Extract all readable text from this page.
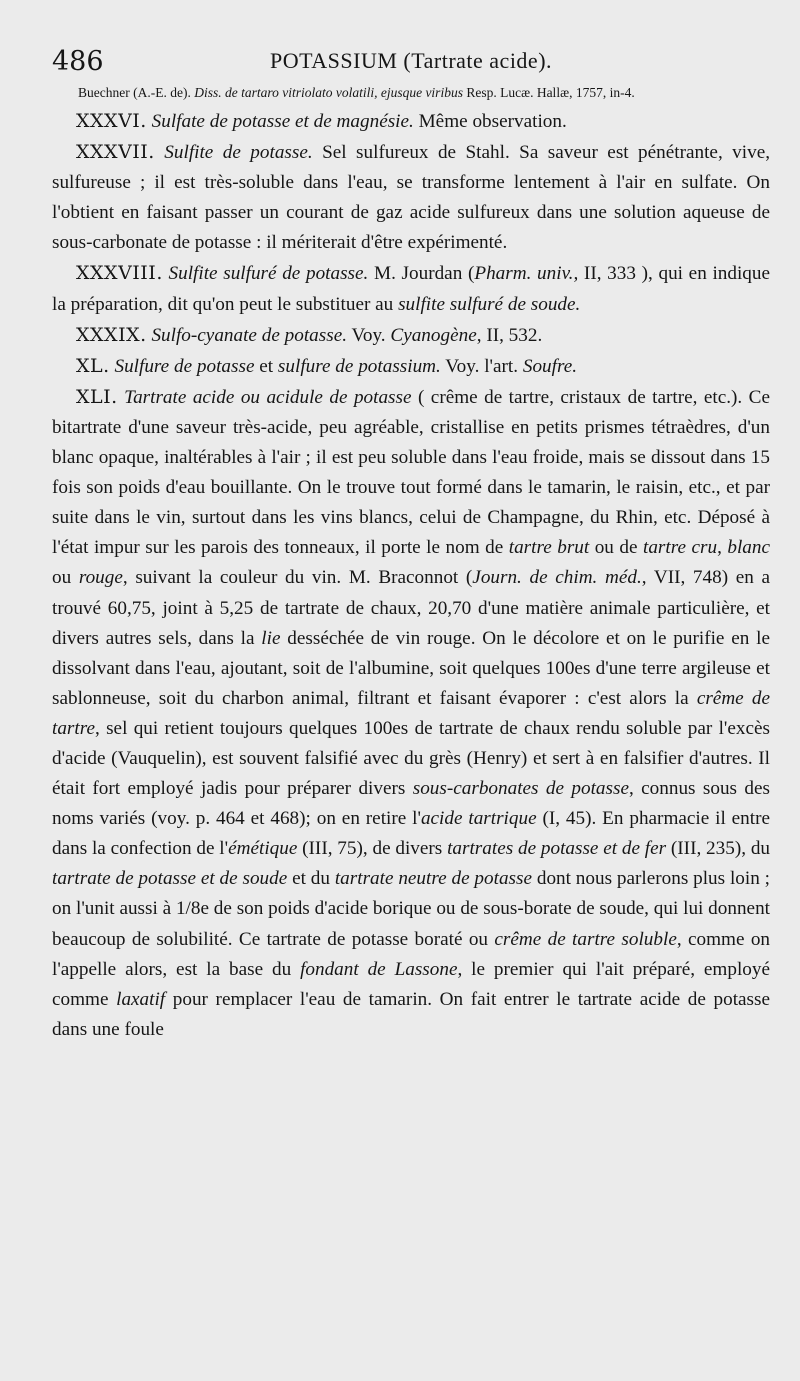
486	POTASSIUM (Tartrate acide).

Buechner (A.-E. de). Diss. de tartaro vitriolato volatili, ejusque viribus Resp. Lucæ. Hallæ, 1757, in-4.

XXXVI. Sulfate de potasse et de magnésie. Même observation.

XXXVII. Sulfite de potasse. Sel sulfureux de Stahl. Sa saveur est pénétrante, vive, sulfureuse ; il est très-soluble dans l'eau, se transforme lentement à l'air en sulfate. On l'obtient en faisant passer un courant de gaz acide sulfureux dans une solution aqueuse de sous-carbonate de potasse : il mériterait d'être expérimenté.

XXXVIII. Sulfite sulfuré de potasse. M. Jourdan (Pharm. univ., II, 333 ), qui en indique la préparation, dit qu'on peut le substituer au sulfite sulfuré de soude.

XXXIX. Sulfo-cyanate de potasse. Voy. Cyanogène, II, 532.

XL. Sulfure de potasse et sulfure de potassium. Voy. l'art. Soufre.

XLI. Tartrate acide ou acidule de potasse ( crême de tartre, cristaux de tartre, etc.). Ce bitartrate d'une saveur très-acide, peu agréable, cristallise en petits prismes tétraèdres, d'un blanc opaque, inaltérables à l'air ; il est peu soluble dans l'eau froide, mais se dissout dans 15 fois son poids d'eau bouillante. On le trouve tout formé dans le tamarin, le raisin, etc., et par suite dans le vin, surtout dans les vins blancs, celui de Champagne, du Rhin, etc. Déposé à l'état impur sur les parois des tonneaux, il porte le nom de tartre brut ou de tartre cru, blanc ou rouge, suivant la couleur du vin. M. Braconnot (Journ. de chim. méd., VII, 748) en a trouvé 60,75, joint à 5,25 de tartrate de chaux, 20,70 d'une matière animale particulière, et divers autres sels, dans la lie desséchée de vin rouge. On le décolore et on le purifie en le dissolvant dans l'eau, ajoutant, soit de l'albumine, soit quelques 100es d'une terre argileuse et sablonneuse, soit du charbon animal, filtrant et faisant évaporer : c'est alors la crême de tartre, sel qui retient toujours quelques 100es de tartrate de chaux rendu soluble par l'excès d'acide (Vauquelin), est souvent falsifié avec du grès (Henry) et sert à en falsifier d'autres. Il était fort employé jadis pour préparer divers sous-carbonates de potasse, connus sous des noms variés (voy. p. 464 et 468); on en retire l'acide tartrique (I, 45). En pharmacie il entre dans la confection de l'émétique (III, 75), de divers tartrates de potasse et de fer (III, 235), du tartrate de potasse et de soude et du tartrate neutre de potasse dont nous parlerons plus loin ; on l'unit aussi à 1/8e de son poids d'acide borique ou de sous-borate de soude, qui lui donnent beaucoup de solubilité. Ce tartrate de potasse boraté ou crême de tartre soluble, comme on l'appelle alors, est la base du fondant de Lassone, le premier qui l'ait préparé, employé comme laxatif pour remplacer l'eau de tamarin. On fait entrer le tartrate acide de potasse dans une foule
